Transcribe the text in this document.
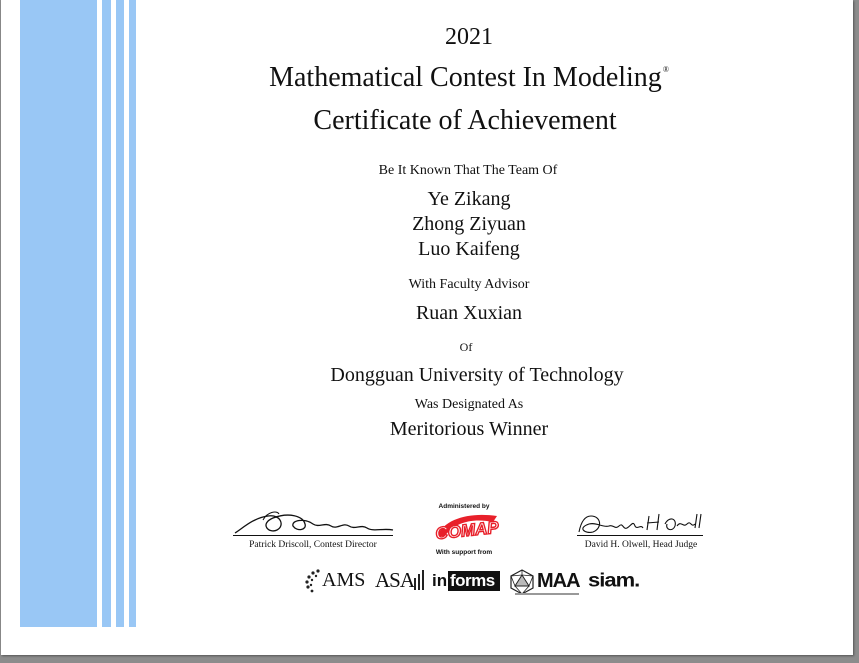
2021
Mathematical Contest In Modeling®
Certificate of Achievement
Be It Known That The Team Of
Ye Zikang
Zhong Ziyuan
Luo Kaifeng
With Faculty Advisor
Ruan Xuxian
Of
Dongguan University of Technology
Was Designated As
Meritorious Winner
Patrick Driscoll, Contest Director
Administered by
COMAP
With support from
David H. Olwell, Head Judge
AMS ASA in forms MAA siam.
